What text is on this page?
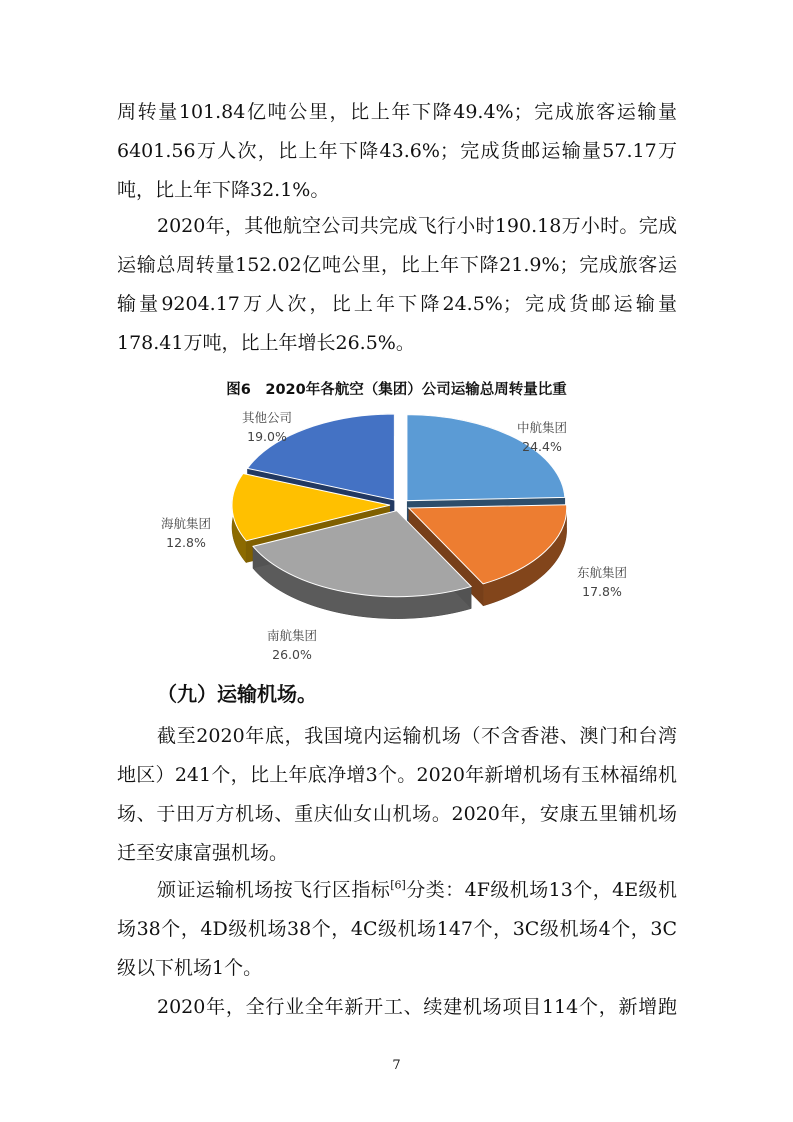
周转量101.84亿吨公里，比上年下降49.4%；完成旅客运输量6401.56万人次，比上年下降43.6%；完成货邮运输量57.17万吨，比上年下降32.1%。

2020年，其他航空公司共完成飞行小时190.18万小时。完成运输总周转量152.02亿吨公里，比上年下降21.9%；完成旅客运输量9204.17万人次，比上年下降24.5%；完成货邮运输量178.41万吨，比上年增长26.5%。

图6　2020年各航空（集团）公司运输总周转量比重
中航集团
24.4%
东航集团
17.8%
南航集团
26.0%
海航集团
12.8%
其他公司
19.0%
（九）运输机场。

截至2020年底，我国境内运输机场（不含香港、澳门和台湾地区）241个，比上年底净增3个。2020年新增机场有玉林福绵机场、于田万方机场、重庆仙女山机场。2020年，安康五里铺机场迁至安康富强机场。

颁证运输机场按飞行区指标[6]分类：4F级机场13个，4E级机场38个，4D级机场38个，4C级机场147个，3C级机场4个，3C级以下机场1个。

2020年，全行业全年新开工、续建机场项目114个，新增跑

7
